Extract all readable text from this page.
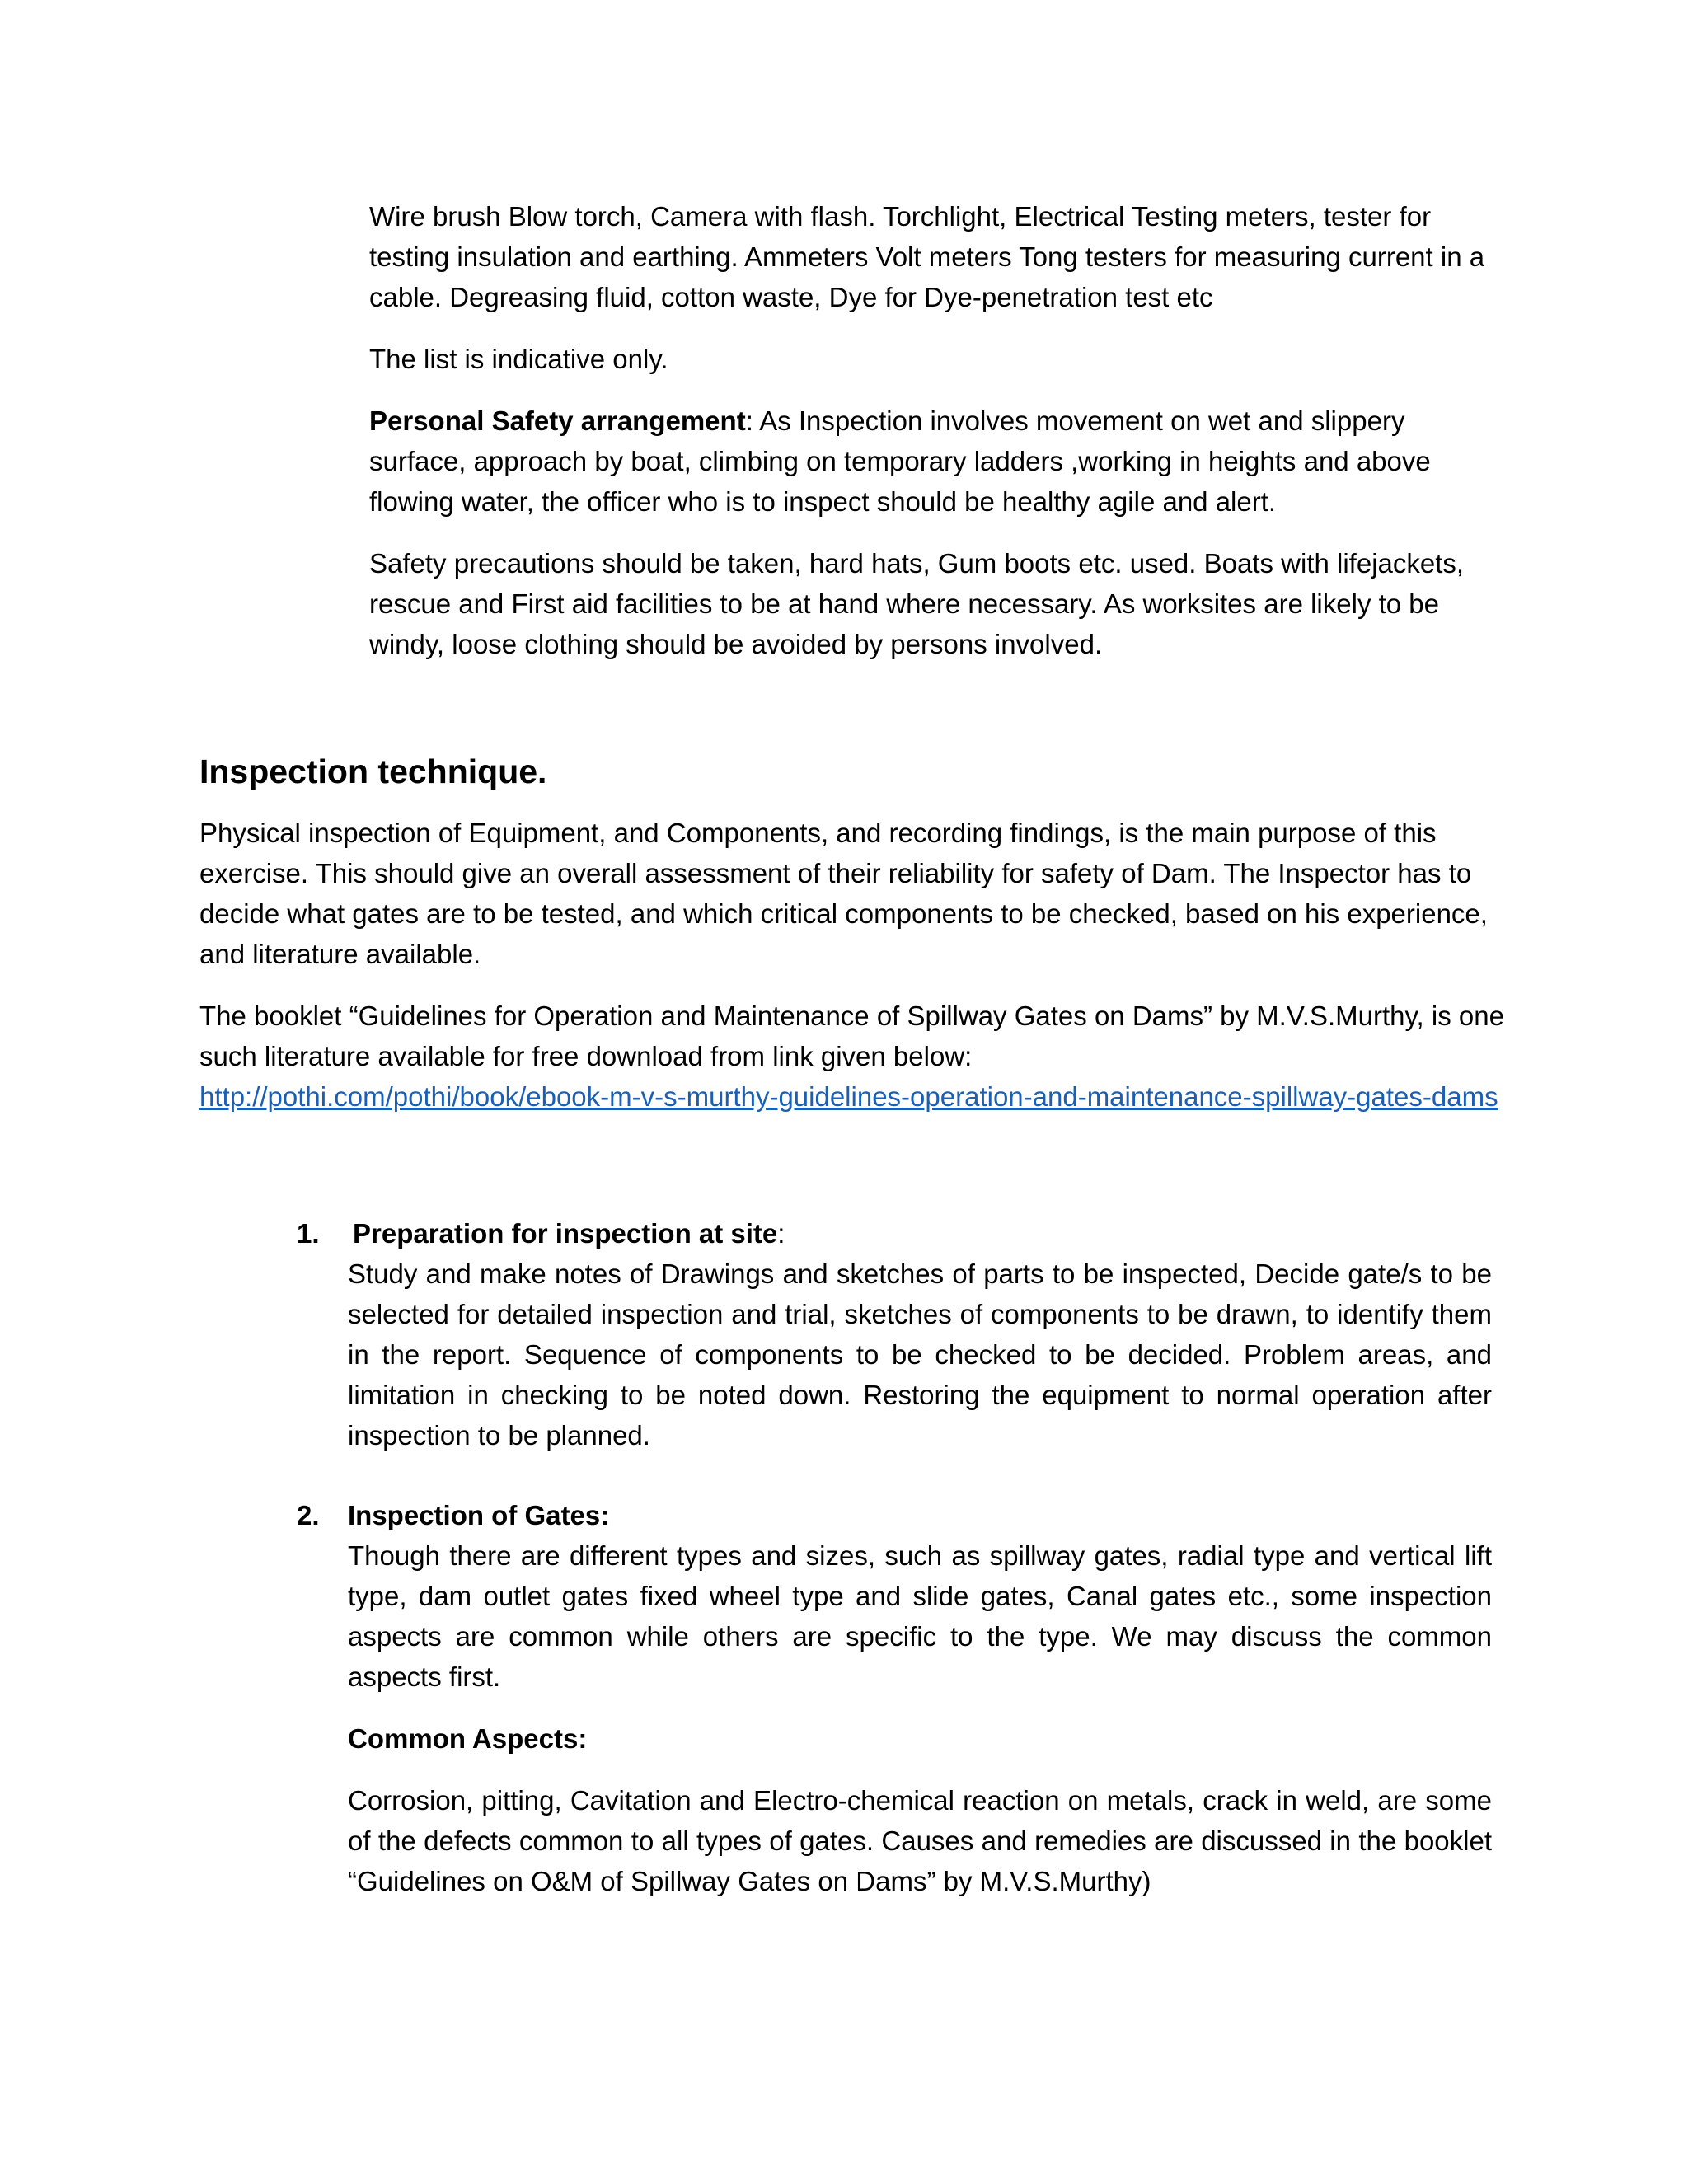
Wire brush Blow torch, Camera with flash. Torchlight, Electrical Testing meters, tester for testing insulation and earthing. Ammeters Volt meters Tong testers for measuring current in a cable. Degreasing fluid, cotton waste, Dye for Dye-penetration test etc

The list is indicative only.

Personal Safety arrangement: As Inspection involves movement on wet and slippery surface, approach by boat, climbing on temporary ladders ,working in heights and above flowing water, the officer who is to inspect should be healthy agile and alert.

Safety precautions should be taken, hard hats, Gum boots etc. used. Boats with lifejackets, rescue and First aid facilities to be at hand where necessary. As worksites are likely to be windy, loose clothing should be avoided by persons involved.

Inspection technique.

Physical inspection of Equipment, and Components, and recording findings, is the main purpose of this exercise. This should give an overall assessment of their reliability for safety of Dam. The Inspector has to decide what gates are to be tested, and which critical components to be checked, based on his experience, and literature available.

The booklet “Guidelines for Operation and Maintenance of Spillway Gates on Dams” by M.V.S.Murthy, is one such literature available for free download from link given below:
http://pothi.com/pothi/book/ebook-m-v-s-murthy-guidelines-operation-and-maintenance-spillway-gates-dams

1. Preparation for inspection at site:

Study and make notes of Drawings and sketches of parts to be inspected, Decide gate/s to be selected for detailed inspection and trial, sketches of components to be drawn, to identify them in the report. Sequence of components to be checked to be decided. Problem areas, and limitation in checking to be noted down. Restoring the equipment to normal operation after inspection to be planned.

2. Inspection of Gates:

Though there are different types and sizes, such as spillway gates, radial type and vertical lift type, dam outlet gates fixed wheel type and slide gates, Canal gates etc., some inspection aspects are common while others are specific to the type. We may discuss the common aspects first.

Common Aspects:

Corrosion, pitting, Cavitation and Electro-chemical reaction on metals, crack in weld, are some of the defects common to all types of gates. Causes and remedies are discussed in the booklet “Guidelines on O&M of Spillway Gates on Dams” by M.V.S.Murthy)
